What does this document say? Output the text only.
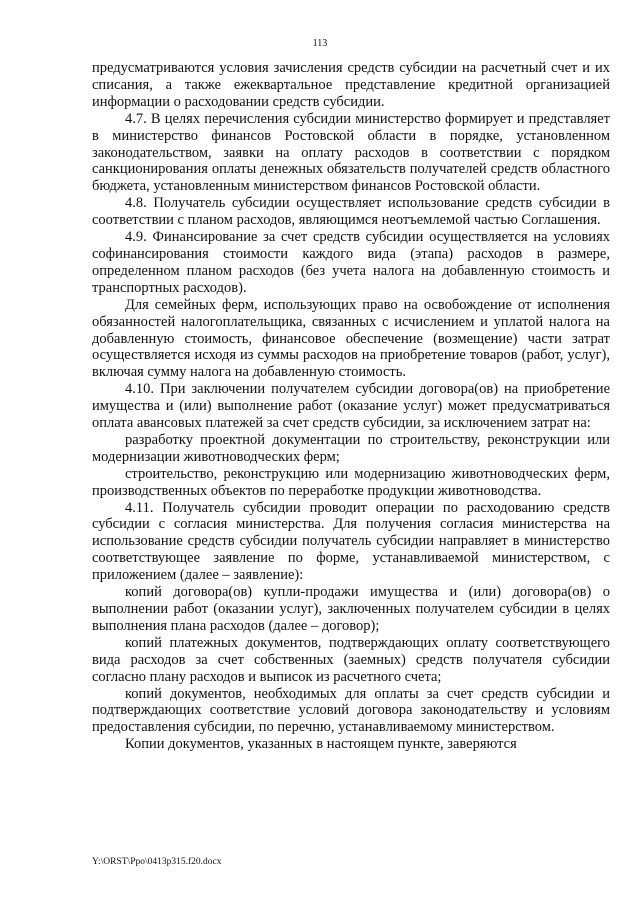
113

предусматриваются условия зачисления средств субсидии на расчетный счет и их списания, а также ежеквартальное представление кредитной организацией информации о расходовании средств субсидии.

4.7. В целях перечисления субсидии министерство формирует и представляет в министерство финансов Ростовской области в порядке, установленном законодательством, заявки на оплату расходов в соответствии с порядком санкционирования оплаты денежных обязательств получателей средств областного бюджета, установленным министерством финансов Ростовской области.

4.8. Получатель субсидии осуществляет использование средств субсидии в соответствии с планом расходов, являющимся неотъемлемой частью Соглашения.

4.9. Финансирование за счет средств субсидии осуществляется на условиях софинансирования стоимости каждого вида (этапа) расходов в размере, определенном планом расходов (без учета налога на добавленную стоимость и транспортных расходов).

Для семейных ферм, использующих право на освобождение от исполнения обязанностей налогоплательщика, связанных с исчислением и уплатой налога на добавленную стоимость, финансовое обеспечение (возмещение) части затрат осуществляется исходя из суммы расходов на приобретение товаров (работ, услуг), включая сумму налога на добавленную стоимость.

4.10. При заключении получателем субсидии договора(ов) на приобретение имущества и (или) выполнение работ (оказание услуг) может предусматриваться оплата авансовых платежей за счет средств субсидии, за исключением затрат на:

разработку проектной документации по строительству, реконструкции или модернизации животноводческих ферм;

строительство, реконструкцию или модернизацию животноводческих ферм, производственных объектов по переработке продукции животноводства.

4.11. Получатель субсидии проводит операции по расходованию средств субсидии с согласия министерства. Для получения согласия министерства на использование средств субсидии получатель субсидии направляет в министерство соответствующее заявление по форме, устанавливаемой министерством, с приложением (далее – заявление):

копий договора(ов) купли-продажи имущества и (или) договора(ов) о выполнении работ (оказании услуг), заключенных получателем субсидии в целях выполнения плана расходов (далее – договор);

копий платежных документов, подтверждающих оплату соответствующего вида расходов за счет собственных (заемных) средств получателя субсидии согласно плану расходов и выписок из расчетного счета;

копий документов, необходимых для оплаты за счет средств субсидии и подтверждающих соответствие условий договора законодательству и условиям предоставления субсидии, по перечню, устанавливаемому министерством.

Копии документов, указанных в настоящем пункте, заверяются

Y:\ORST\Ppo\0413p315.f20.docx
